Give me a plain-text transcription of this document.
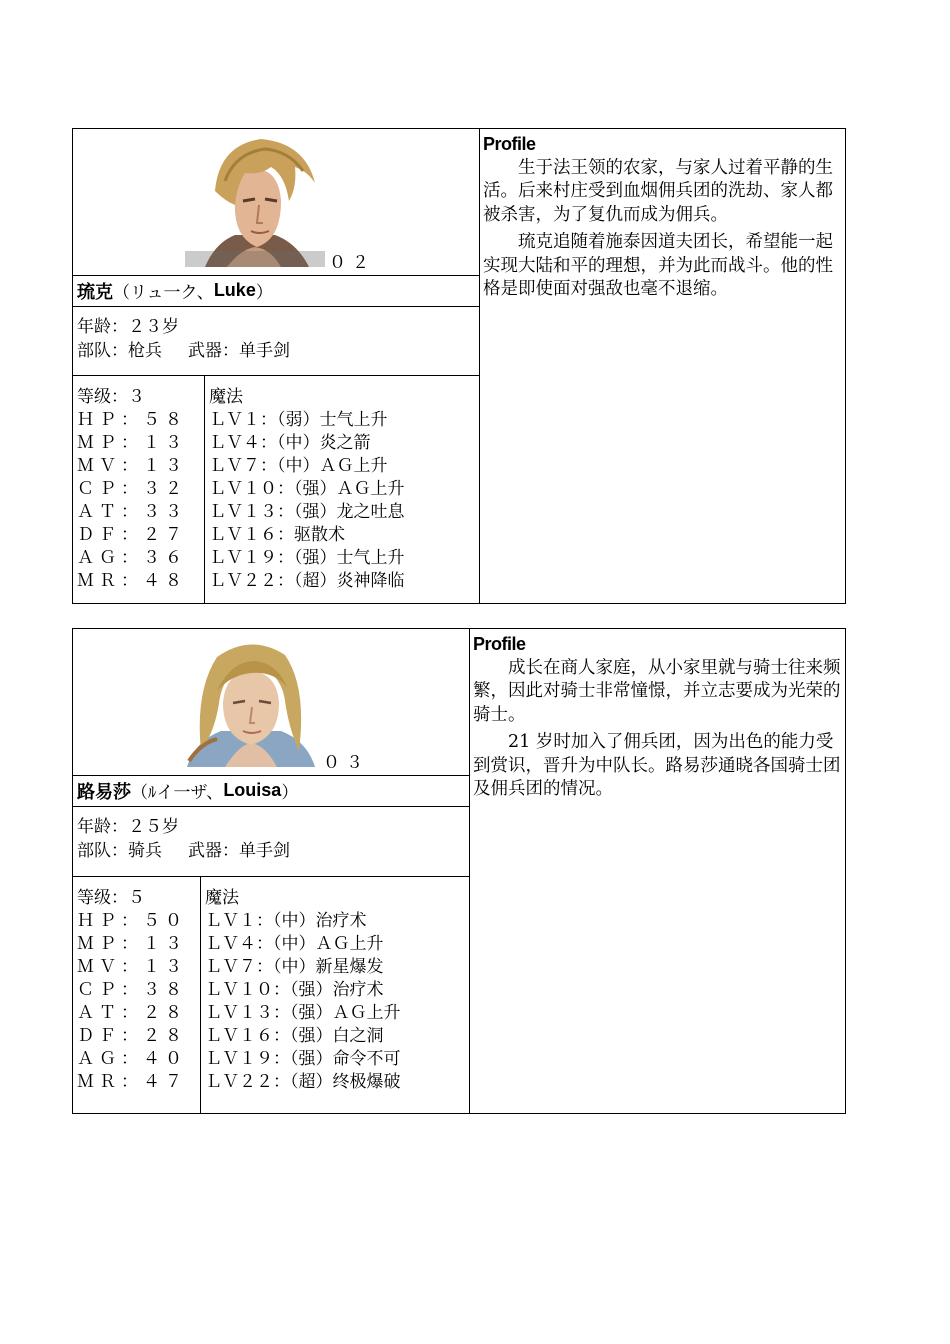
０２
琉克 （リュ一ク、 Luke ）
年龄：２３岁
部队：枪兵 武器：单手剑
等级：３
ＨＰ：５８
ＭＰ：１３
ＭＶ：１３
ＣＰ：３２
ＡＴ：３３
ＤＦ：２７
ＡＧ：３６
ＭＲ：４８
魔法
ＬＶ１：（弱）士气上升
ＬＶ４：（中）炎之箭
ＬＶ７：（中）ＡＧ上升
ＬＶ１０：（强）ＡＧ上升
ＬＶ１３：（强）龙之吐息
ＬＶ１６：驱散术
ＬＶ１９：（强）士气上升
ＬＶ２２：（超）炎神降临
Profile

生于法王领的农家，与家人过着平静的生活。后来村庄受到血烟佣兵团的洗劫、家人都被杀害，为了复仇而成为佣兵。

琉克追随着施泰因道夫团长，希望能一起实现大陆和平的理想，并为此而战斗。他的性格是即使面对强敌也毫不退缩。

０３
路易莎 （ﾙイ一ザ、 Louisa ）
年龄：２５岁
部队：骑兵 武器：单手剑
等级：５
ＨＰ：５０
ＭＰ：１３
ＭＶ：１３
ＣＰ：３８
ＡＴ：２８
ＤＦ：２８
ＡＧ：４０
ＭＲ：４７
魔法
ＬＶ１：（中）治疗术
ＬＶ４：（中）ＡＧ上升
ＬＶ７：（中）新星爆发
ＬＶ１０：（强）治疗术
ＬＶ１３：（强）ＡＧ上升
ＬＶ１６：（强）白之洞
ＬＶ１９：（强）命令不可
ＬＶ２２：（超）终极爆破
Profile

成长在商人家庭，从小家里就与骑士往来频繁，因此对骑士非常憧憬，并立志要成为光荣的骑士。

21 岁时加入了佣兵团，因为出色的能力受到赏识，晋升为中队长。路易莎通晓各国骑士团及佣兵团的情况。
